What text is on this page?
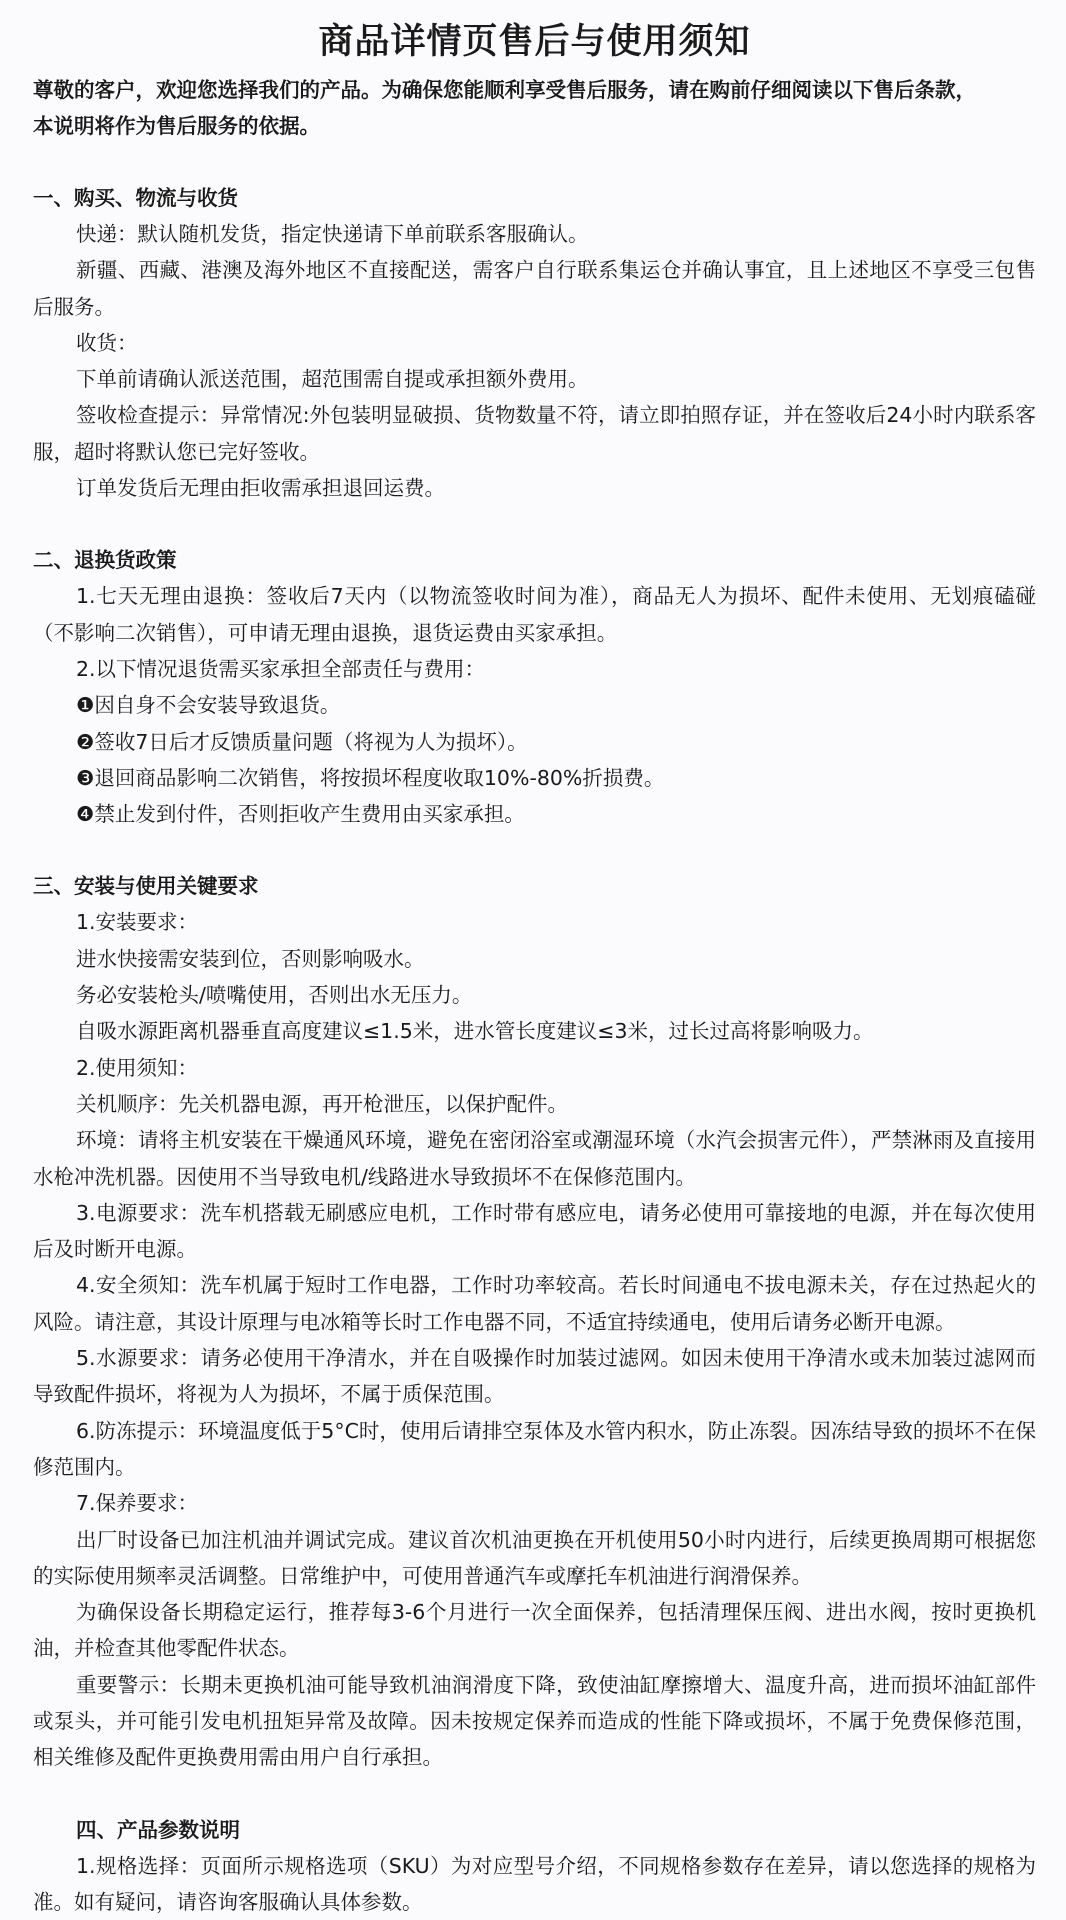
商品详情页售后与使用须知

尊敬的客户，欢迎您选择我们的产品。为确保您能顺利享受售后服务，请在购前仔细阅读以下售后条款，

本说明将作为售后服务的依据。

一、购买、物流与收货

快递：默认随机发货，指定快递请下单前联系客服确认。

新疆、西藏、港澳及海外地区不直接配送，需客户自行联系集运仓并确认事宜，且上述地区不享受三包售后服务。

收货：

下单前请确认派送范围，超范围需自提或承担额外费用。

签收检查提示：异常情况:外包装明显破损、货物数量不符，请立即拍照存证，并在签收后24小时内联系客服，超时将默认您已完好签收。

订单发货后无理由拒收需承担退回运费。

二、退换货政策

1.七天无理由退换：签收后7天内（以物流签收时间为准），商品无人为损坏、配件未使用、无划痕磕碰（不影响二次销售），可申请无理由退换，退货运费由买家承担。

2.以下情况退货需买家承担全部责任与费用：

❶因自身不会安装导致退货。

❷签收7日后才反馈质量问题（将视为人为损坏）。

❸退回商品影响二次销售，将按损坏程度收取10%-80%折损费。

❹禁止发到付件，否则拒收产生费用由买家承担。

三、安装与使用关键要求

1.安装要求：

进水快接需安装到位，否则影响吸水。

务必安装枪头/喷嘴使用，否则出水无压力。

自吸水源距离机器垂直高度建议≤1.5米，进水管长度建议≤3米，过长过高将影响吸力。

2.使用须知：

关机顺序：先关机器电源，再开枪泄压，以保护配件。

环境：请将主机安装在干燥通风环境，避免在密闭浴室或潮湿环境（水汽会损害元件），严禁淋雨及直接用水枪冲洗机器。因使用不当导致电机/线路进水导致损坏不在保修范围内。

3.电源要求：洗车机搭载无刷感应电机，工作时带有感应电，请务必使用可靠接地的电源，并在每次使用后及时断开电源。

4.安全须知：洗车机属于短时工作电器，工作时功率较高。若长时间通电不拔电源未关，存在过热起火的风险。请注意，其设计原理与电冰箱等长时工作电器不同，不适宜持续通电，使用后请务必断开电源。

5.水源要求：请务必使用干净清水，并在自吸操作时加装过滤网。如因未使用干净清水或未加装过滤网而导致配件损坏，将视为人为损坏，不属于质保范围。

6.防冻提示：环境温度低于5°C时，使用后请排空泵体及水管内积水，防止冻裂。因冻结导致的损坏不在保修范围内。

7.保养要求：

出厂时设备已加注机油并调试完成。建议首次机油更换在开机使用50小时内进行，后续更换周期可根据您的实际使用频率灵活调整。日常维护中，可使用普通汽车或摩托车机油进行润滑保养。

为确保设备长期稳定运行，推荐每3-6个月进行一次全面保养，包括清理保压阀、进出水阀，按时更换机油，并检查其他零配件状态。

重要警示：长期未更换机油可能导致机油润滑度下降，致使油缸摩擦增大、温度升高，进而损坏油缸部件或泵头，并可能引发电机扭矩异常及故障。因未按规定保养而造成的性能下降或损坏，不属于免费保修范围，相关维修及配件更换费用需由用户自行承担。

四、产品参数说明

1.规格选择：页面所示规格选项（SKU）为对应型号介绍，不同规格参数存在差异，请以您选择的规格为准。如有疑问，请咨询客服确认具体参数。
